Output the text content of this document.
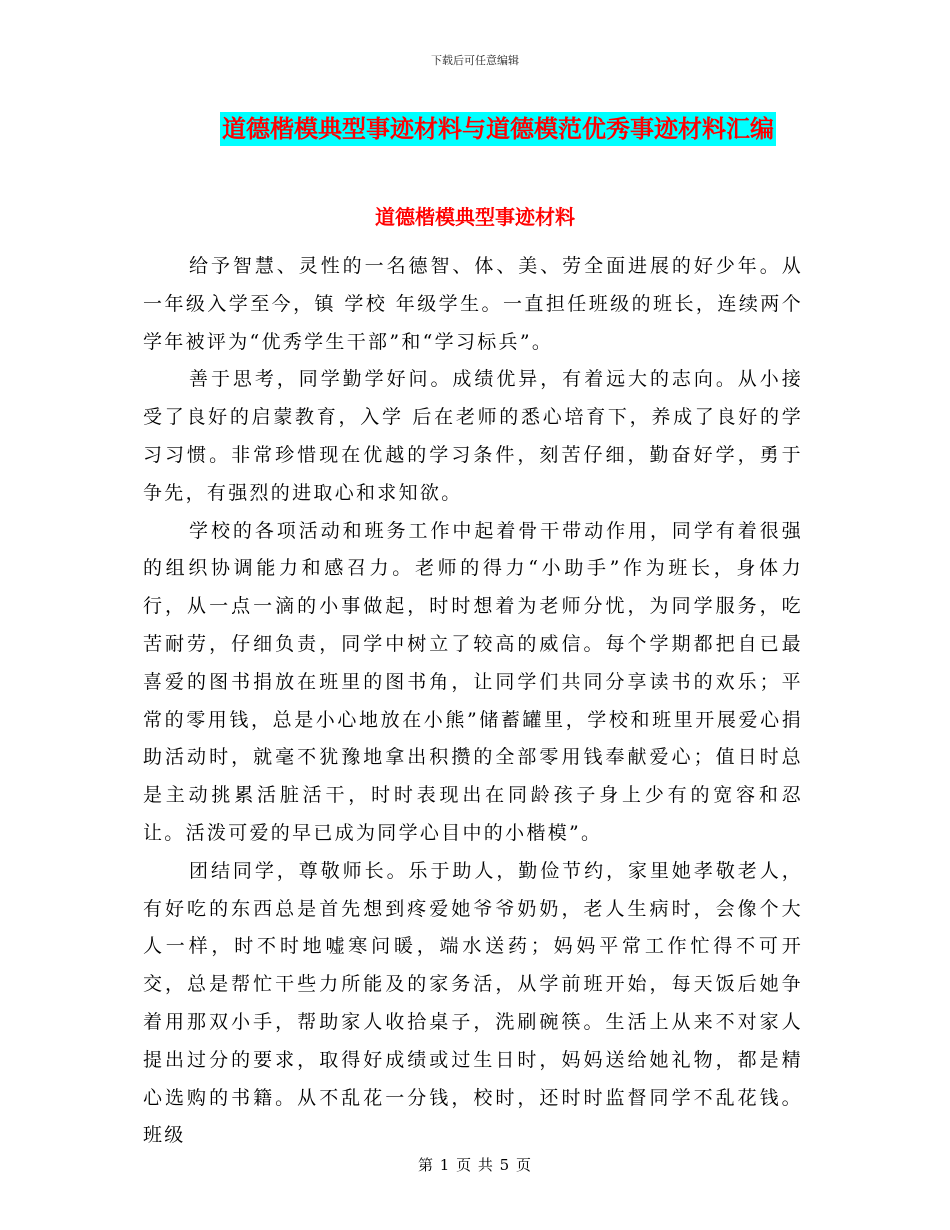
下载后可任意编辑
道德楷模典型事迹材料与道德模范优秀事迹材料汇编
道德楷模典型事迹材料

给予智慧、灵性的一名德智、体、美、劳全面进展的好少年。从一年级入学至今，镇 学校 年级学生。一直担任班级的班长，连续两个学年被评为“优秀学生干部”和“学习标兵”。

善于思考，同学勤学好问。成绩优异，有着远大的志向。从小接受了良好的启蒙教育，入学 后在老师的悉心培育下，养成了良好的学习习惯。非常珍惜现在优越的学习条件，刻苦仔细，勤奋好学，勇于争先，有强烈的进取心和求知欲。

学校的各项活动和班务工作中起着骨干带动作用，同学有着很强的组织协调能力和感召力。老师的得力“小助手”作为班长，身体力行，从一点一滴的小事做起，时时想着为老师分忧，为同学服务，吃苦耐劳，仔细负责，同学中树立了较高的威信。每个学期都把自已最喜爱的图书捐放在班里的图书角，让同学们共同分享读书的欢乐；平常的零用钱，总是小心地放在小熊”储蓄罐里，学校和班里开展爱心捐助活动时，就毫不犹豫地拿出积攒的全部零用钱奉献爱心；值日时总是主动挑累活脏活干，时时表现出在同龄孩子身上少有的宽容和忍让。活泼可爱的早已成为同学心目中的小楷模”。

团结同学，尊敬师长。乐于助人，勤俭节约，家里她孝敬老人，有好吃的东西总是首先想到疼爱她爷爷奶奶，老人生病时，会像个大人一样，时不时地嘘寒问暖，端水送药；妈妈平常工作忙得不可开交，总是帮忙干些力所能及的家务活，从学前班开始，每天饭后她争着用那双小手，帮助家人收拾桌子，洗刷碗筷。生活上从来不对家人提出过分的要求，取得好成绩或过生日时，妈妈送给她礼物，都是精心选购的书籍。从不乱花一分钱，校时，还时时监督同学不乱花钱。班级

第 1 页 共 5 页
